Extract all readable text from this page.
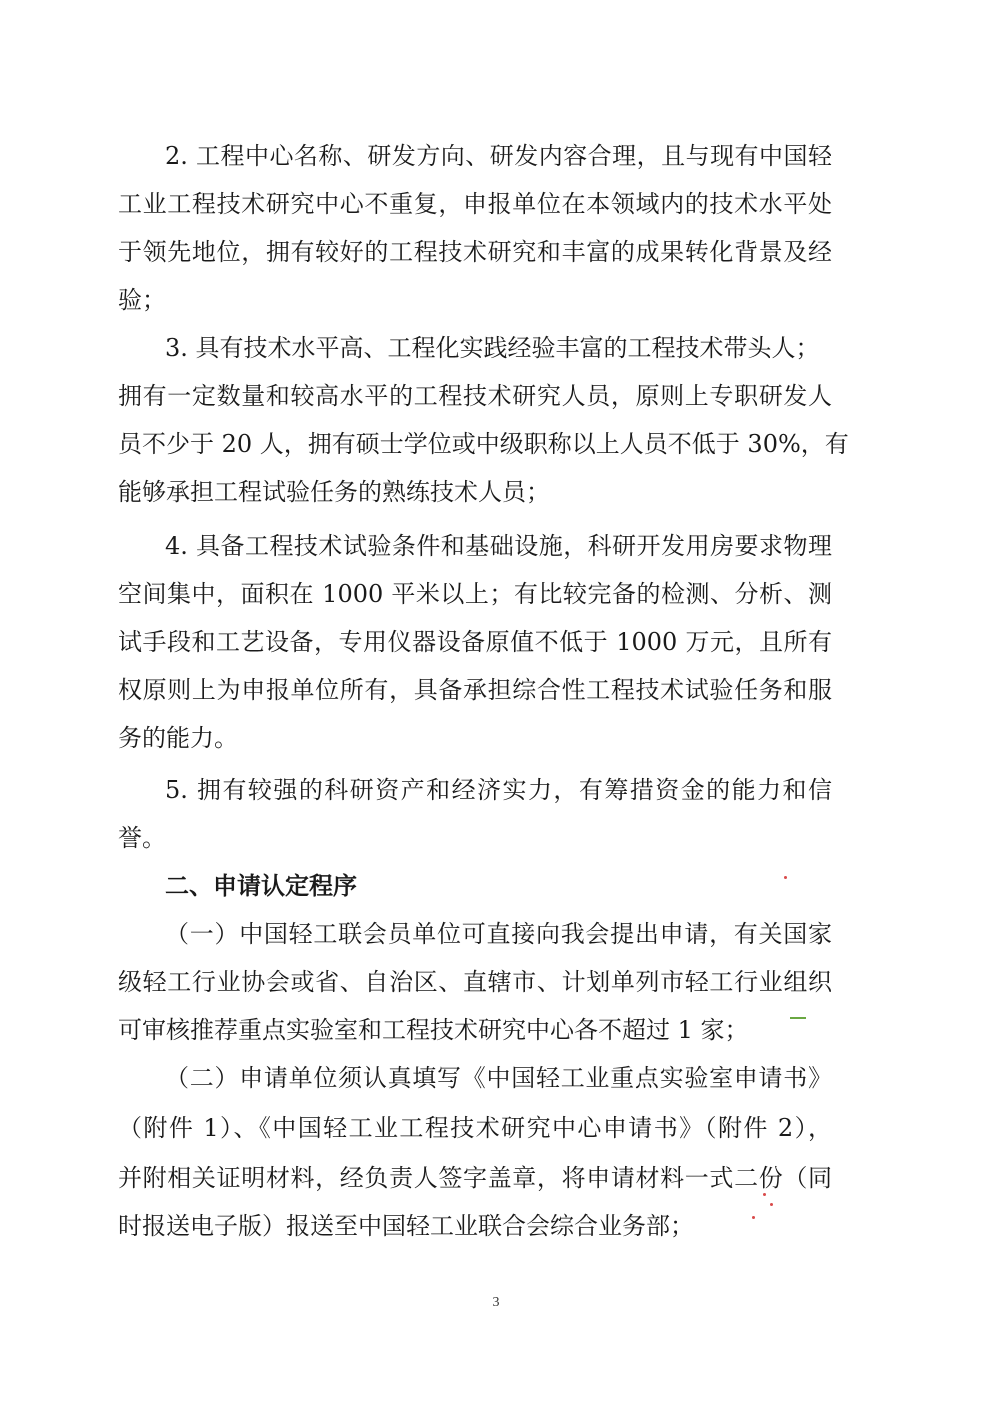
2. 工程中心名称、研发方向、研发内容合理，且与现有中国轻
工业工程技术研究中心不重复，申报单位在本领域内的技术水平处
于领先地位，拥有较好的工程技术研究和丰富的成果转化背景及经
验；
3. 具有技术水平高、工程化实践经验丰富的工程技术带头人；
拥有一定数量和较高水平的工程技术研究人员，原则上专职研发人
员不少于 20 人，拥有硕士学位或中级职称以上人员不低于 30%，有
能够承担工程试验任务的熟练技术人员；
4. 具备工程技术试验条件和基础设施，科研开发用房要求物理
空间集中，面积在 1000 平米以上；有比较完备的检测、分析、测
试手段和工艺设备，专用仪器设备原值不低于 1000 万元，且所有
权原则上为申报单位所有，具备承担综合性工程技术试验任务和服
务的能力。
5. 拥有较强的科研资产和经济实力，有筹措资金的能力和信
誉。
二、申请认定程序
（一）中国轻工联会员单位可直接向我会提出申请，有关国家
级轻工行业协会或省、自治区、直辖市、计划单列市轻工行业组织
可审核推荐重点实验室和工程技术研究中心各不超过 1 家；
（二）申请单位须认真填写《中国轻工业重点实验室申请书》
（附件 1）、《中国轻工业工程技术研究中心申请书》（附件 2），
并附相关证明材料，经负责人签字盖章，将申请材料一式二份（同
时报送电子版）报送至中国轻工业联合会综合业务部；
3
